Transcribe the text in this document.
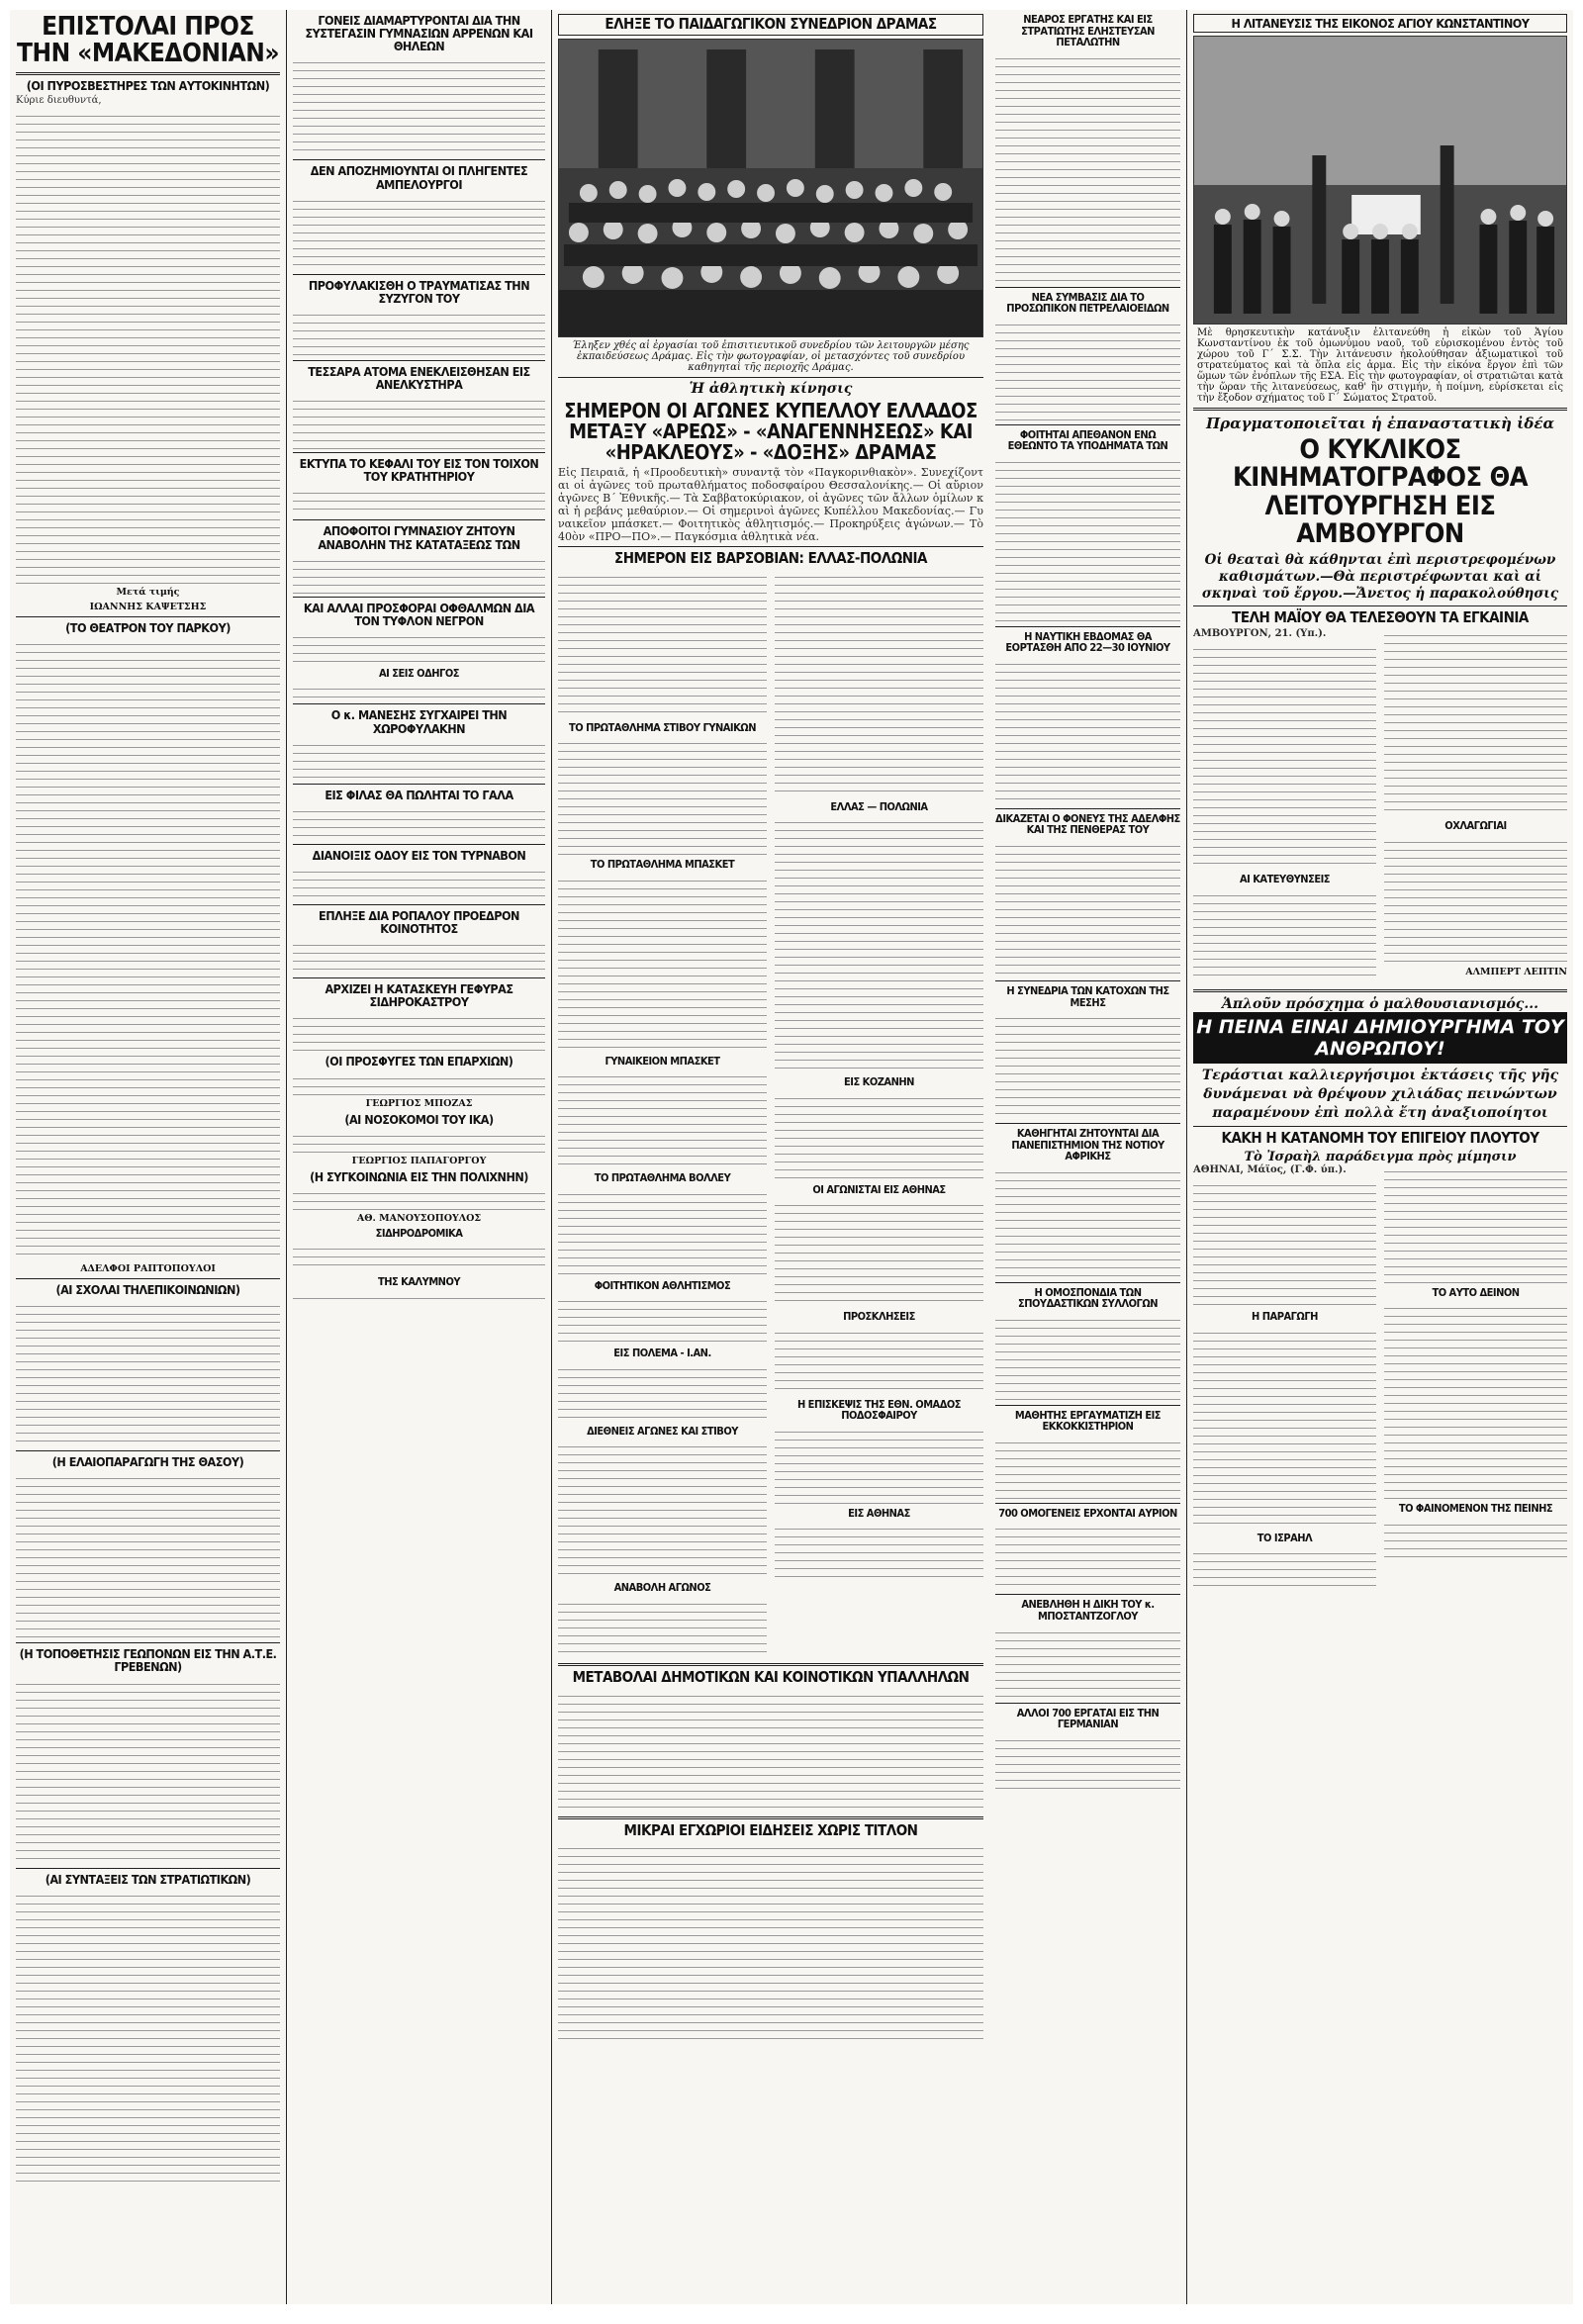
ΕΠΙΣΤΟΛΑΙ ΠΡΟΣ ΤΗΝ «ΜΑΚΕΔΟΝΙΑΝ»
(ΟΙ ΠΥΡΟΣΒΕΣΤΗΡΕΣ ΤΩΝ ΑΥΤΟΚΙΝΗΤΩΝ)
Κύριε διευθυντά,
Μετά τιμής
ΙΩΑΝΝΗΣ ΚΑΨΕΤΣΗΣ
(ΤΟ ΘΕΑΤΡΟΝ ΤΟΥ ΠΑΡΚΟΥ)
ΑΔΕΛΦΟΙ ΡΑΠΤΟΠΟΥΛΟΙ
(ΑΙ ΣΧΟΛΑΙ ΤΗΛΕΠΙΚΟΙΝΩΝΙΩΝ)
(Η ΕΛΑΙΟΠΑΡΑΓΩΓΗ ΤΗΣ ΘΑΣΟΥ)
(Η ΤΟΠΟΘΕΤΗΣΙΣ ΓΕΩΠΟΝΩΝ ΕΙΣ ΤΗΝ Α.Τ.Ε. ΓΡΕΒΕΝΩΝ)
(ΑΙ ΣΥΝΤΑΞΕΙΣ ΤΩΝ ΣΤΡΑΤΙΩΤΙΚΩΝ)
ΓΟΝΕΙΣ ΔΙΑΜΑΡΤΥΡΟΝΤΑΙ ΔΙΑ ΤΗΝ ΣΥΣΤΕΓΑΣΙΝ ΓΥΜΝΑΣΙΩΝ ΑΡΡΕΝΩΝ ΚΑΙ ΘΗΛΕΩΝ
ΔΕΝ ΑΠΟΖΗΜΙΟΥΝΤΑΙ ΟΙ ΠΛΗΓΕΝΤΕΣ ΑΜΠΕΛΟΥΡΓΟΙ
ΠΡΟΦΥΛΑΚΙΣΘΗ Ο ΤΡΑΥΜΑΤΙΣΑΣ ΤΗΝ ΣΥΖΥΓΟΝ ΤΟΥ
ΤΕΣΣΑΡΑ ΑΤΟΜΑ ΕΝΕΚΛΕΙΣΘΗΣΑΝ ΕΙΣ ΑΝΕΛΚΥΣΤΗΡΑ
ΕΚΤΥΠΑ ΤΟ ΚΕΦΑΛΙ ΤΟΥ ΕΙΣ ΤΟΝ ΤΟΙΧΟΝ ΤΟΥ ΚΡΑΤΗΤΗΡΙΟΥ
ΑΠΟΦΟΙΤΟΙ ΓΥΜΝΑΣΙΟΥ ΖΗΤΟΥΝ ΑΝΑΒΟΛΗΝ ΤΗΣ ΚΑΤΑΤΑΞΕΩΣ ΤΩΝ
ΚΑΙ ΑΛΛΑΙ ΠΡΟΣΦΟΡΑΙ ΟΦΘΑΛΜΩΝ ΔΙΑ ΤΟΝ ΤΥΦΛΟΝ ΝΕΓΡΟΝ
ΑΙ ΣΕΙΣ ΟΔΗΓΟΣ
Ο κ. ΜΑΝΕΣΗΣ ΣΥΓΧΑΙΡΕΙ ΤΗΝ ΧΩΡΟΦΥΛΑΚΗΝ
ΕΙΣ ΦΙΛΑΣ ΘΑ ΠΩΛΗΤΑΙ ΤΟ ΓΑΛΑ
ΔΙΑΝΟΙΞΙΣ ΟΔΟΥ ΕΙΣ ΤΟΝ ΤΥΡΝΑΒΟΝ
ΕΠΛΗΞΕ ΔΙΑ ΡΟΠΑΛΟΥ ΠΡΟΕΔΡΟΝ ΚΟΙΝΟΤΗΤΟΣ
ΑΡΧΙΖΕΙ Η ΚΑΤΑΣΚΕΥΗ ΓΕΦΥΡΑΣ ΣΙΔΗΡΟΚΑΣΤΡΟΥ
(ΟΙ ΠΡΟΣΦΥΓΕΣ ΤΩΝ ΕΠΑΡΧΙΩΝ)
ΓΕΩΡΓΙΟΣ ΜΠΟΖΑΣ
(ΑΙ ΝΟΣΟΚΟΜΟΙ ΤΟΥ ΙΚΑ)
ΓΕΩΡΓΙΟΣ ΠΑΠΑΓΟΡΓΟΥ
(Η ΣΥΓΚΟΙΝΩΝΙΑ ΕΙΣ ΤΗΝ ΠΟΛΙΧΝΗΝ)
ΑΘ. ΜΑΝΟΥΣΟΠΟΥΛΟΣ
ΣΙΔΗΡΟΔΡΟΜΙΚΑ
ΤΗΣ ΚΑΛΥΜΝΟΥ
ΕΛΗΞΕ ΤΟ ΠΑΙΔΑΓΩΓΙΚΟΝ ΣΥΝΕΔΡΙΟΝ ΔΡΑΜΑΣ
Έληξεν χθές αἱ ἐργασίαι τοῦ ἐπισιτιευτικοῦ συνεδρίου τῶν λειτουργῶν μέσης ἐκπαιδεύσεως Δράμας. Εἰς τὴν φωτογραφίαν, οἱ μετασχόντες τοῦ συνεδρίου καθηγηταὶ τῆς περιοχῆς Δράμας.
Ἡ ἀθλητικὴ κίνησις
ΣΗΜΕΡΟΝ ΟΙ ΑΓΩΝΕΣ ΚΥΠΕΛΛΟΥ ΕΛΛΑΔΟΣ ΜΕΤΑΞΥ «ΑΡΕΩΣ» - «ΑΝΑΓΕΝΝΗΣΕΩΣ» ΚΑΙ «ΗΡΑΚΛΕΟΥΣ» - «ΔΟΞΗΣ» ΔΡΑΜΑΣ
Εἰς Πειραιᾶ, ἡ «Προοδευτικὴ» συναντᾷ τὸν «Παγκορινθιακὸν». Συνεχίζονται οἱ ἀγῶνες τοῦ πρωταθλήματος ποδοσφαίρου Θεσσαλονίκης.— Οἱ αὔριον ἀγῶνες Β΄ Ἐθνικῆς.— Τὰ Σαββατοκύριακον, οἱ ἀγῶνες τῶν ἄλλων ὁμίλων καὶ ἡ ρεβάνς μεθαύριον.— Οἱ σημερινοὶ ἀγῶνες Κυπέλλου Μακεδονίας.— Γυναικεῖον μπάσκετ.— Φοιτητικὸς ἀθλητισμός.— Προκηρύξεις ἀγώνων.— Τὸ 40ὸν «ΠΡΟ—ΠΟ».— Παγκόσμια ἀθλητικὰ νέα.
ΣΗΜΕΡΟΝ ΕΙΣ ΒΑΡΣΟΒΙΑΝ: ΕΛΛΑΣ-ΠΟΛΩΝΙΑ
ΤΟ ΠΡΩΤΑΘΛΗΜΑ ΣΤΙΒΟΥ ΓΥΝΑΙΚΩΝ
ΤΟ ΠΡΩΤΑΘΛΗΜΑ ΜΠΑΣΚΕΤ
ΓΥΝΑΙΚΕΙΟΝ ΜΠΑΣΚΕΤ
ΤΟ ΠΡΩΤΑΘΛΗΜΑ ΒΟΛΛΕΥ
ΦΟΙΤΗΤΙΚΟΝ ΑΘΛΗΤΙΣΜΟΣ
ΕΙΣ ΠΟΛΕΜΑ - Ι.ΑΝ.
ΔΙΕΘΝΕΙΣ ΑΓΩΝΕΣ ΚΑΙ ΣΤΙΒΟΥ
ΑΝΑΒΟΛΗ ΑΓΩΝΟΣ
ΕΛΛΑΣ — ΠΟΛΩΝΙΑ
ΕΙΣ ΚΟΖΑΝΗΝ
ΟΙ ΑΓΩΝΙΣΤΑΙ ΕΙΣ ΑΘΗΝΑΣ
ΠΡΟΣΚΛΗΣΕΙΣ
Η ΕΠΙΣΚΕΨΙΣ ΤΗΣ ΕΘΝ. ΟΜΑΔΟΣ ΠΟΔΟΣΦΑΙΡΟΥ
ΕΙΣ ΑΘΗΝΑΣ
ΜΕΤΑΒΟΛΑΙ ΔΗΜΟΤΙΚΩΝ ΚΑΙ ΚΟΙΝΟΤΙΚΩΝ ΥΠΑΛΛΗΛΩΝ
ΜΙΚΡΑΙ ΕΓΧΩΡΙΟΙ ΕΙΔΗΣΕΙΣ ΧΩΡΙΣ ΤΙΤΛΟΝ
ΝΕΑΡΟΣ ΕΡΓΑΤΗΣ ΚΑΙ ΕΙΣ ΣΤΡΑΤΙΩΤΗΣ ΕΛΗΣΤΕΥΣΑΝ ΠΕΤΑΛΩΤΗΝ
ΝΕΑ ΣΥΜΒΑΣΙΣ ΔΙΑ ΤΟ ΠΡΟΣΩΠΙΚΟΝ ΠΕΤΡΕΛΑΙΟΕΙΔΩΝ
ΦΟΙΤΗΤΑΙ ΑΠΕΘΑΝΟΝ ΕΝΩ ΕΘΕΩΝΤΟ ΤΑ ΥΠΟΔΗΜΑΤΑ ΤΩΝ
Η ΝΑΥΤΙΚΗ ΕΒΔΟΜΑΣ ΘΑ ΕΟΡΤΑΣΘΗ ΑΠΟ 22—30 ΙΟΥΝΙΟΥ
ΔΙΚΑΖΕΤΑΙ Ο ΦΟΝΕΥΣ ΤΗΣ ΑΔΕΛΦΗΣ ΚΑΙ ΤΗΣ ΠΕΝΘΕΡΑΣ ΤΟΥ
Η ΣΥΝΕΔΡΙΑ ΤΩΝ ΚΑΤΟΧΩΝ ΤΗΣ ΜΕΣΗΣ
ΚΑΘΗΓΗΤΑΙ ΖΗΤΟΥΝΤΑΙ ΔΙΑ ΠΑΝΕΠΙΣΤΗΜΙΟΝ ΤΗΣ ΝΟΤΙΟΥ ΑΦΡΙΚΗΣ
Η ΟΜΟΣΠΟΝΔΙΑ ΤΩΝ ΣΠΟΥΔΑΣΤΙΚΩΝ ΣΥΛΛΟΓΩΝ
ΜΑΘΗΤΗΣ ΕΡΓΑΥΜΑΤΙΖΗ ΕΙΣ ΕΚΚΟΚΚΙΣΤΗΡΙΟΝ
700 ΟΜΟΓΕΝΕΙΣ ΕΡΧΟΝΤΑΙ ΑΥΡΙΟΝ
ΑΝΕΒΛΗΘΗ Η ΔΙΚΗ ΤΟΥ κ. ΜΠΟΣΤΑΝΤΖΟΓΛΟΥ
ΑΛΛΟΙ 700 ΕΡΓΑΤΑΙ ΕΙΣ ΤΗΝ ΓΕΡΜΑΝΙΑΝ
Η ΛΙΤΑΝΕΥΣΙΣ ΤΗΣ ΕΙΚΟΝΟΣ ΑΓΙΟΥ ΚΩΝΣΤΑΝΤΙΝΟΥ
Μὲ θρησκευτικὴν κατάνυξιν ἐλιτανεύθη ἡ εἰκὼν τοῦ Ἁγίου Κωνσταντίνου ἐκ τοῦ ὁμωνύμου ναοῦ, τοῦ εὑρισκομένου ἐντὸς τοῦ χώρου τοῦ Γ΄ Σ.Σ. Τὴν λιτάνευσιν ἠκολούθησαν ἀξιωματικοὶ τοῦ στρατεύματος καὶ τὰ ὅπλα εἰς ἀρμα. Εἰς τὴν εἰκόνα ἔργον ἐπὶ τῶν ὥμων τῶν ἐνόπλων τῆς ΕΣΑ. Εἰς τὴν φωτογραφίαν, οἱ στρατιῶται κατὰ τὴν ὥραν τῆς λιτανεύσεως, καθ' ἣν στιγμήν, ἡ ποίμνη, εὑρίσκεται εἰς τὴν ἔξοδον σχήματος τοῦ Γ΄ Σώματος Στρατοῦ.
Πραγματοποιεῖται ἡ ἐπαναστατικὴ ἰδέα
Ο ΚΥΚΛΙΚΟΣ ΚΙΝΗΜΑΤΟΓΡΑΦΟΣ ΘΑ ΛΕΙΤΟΥΡΓΗΣΗ ΕΙΣ ΑΜΒΟΥΡΓΟΝ
Οἱ θεαταὶ θὰ κάθηνται ἐπὶ περιστρεφομένων καθισμάτων.—Θὰ περιστρέφωνται καὶ αἱ σκηναὶ τοῦ ἔργου.—Ἄνετος ἡ παρακολούθησις
ΤΕΛΗ ΜΑΪΟΥ ΘΑ ΤΕΛΕΣΘΟΥΝ ΤΑ ΕΓΚΑΙΝΙΑ
ΑΜΒΟΥΡΓΟΝ, 21. (Υπ.).
ΑΙ ΚΑΤΕΥΘΥΝΣΕΙΣ
ΟΧΛΑΓΩΓΙΑΙ
ΑΛΜΠΕΡΤ ΛΕΠΤΙΝ
Ἁπλοῦν πρόσχημα ὁ μαλθουσιανισμός...
Η ΠΕΙΝΑ ΕΙΝΑΙ ΔΗΜΙΟΥΡΓΗΜΑ ΤΟΥ ΑΝΘΡΩΠΟΥ!
Τεράστιαι καλλιεργήσιμοι ἐκτάσεις τῆς γῆς δυνάμεναι νὰ θρέψουν χιλιάδας πεινώντων παραμένουν ἐπὶ πολλὰ ἔτη ἀναξιοποίητοι
ΚΑΚΗ Η ΚΑΤΑΝΟΜΗ ΤΟΥ ΕΠΙΓΕΙΟΥ ΠΛΟΥΤΟΥ
Τὸ Ἰσραὴλ παράδειγμα πρὸς μίμησιν
ΑΘΗΝΑΙ, Μάϊος, (Γ.Φ. ύπ.).
Η ΠΑΡΑΓΩΓΗ
ΤΟ ΙΣΡΑΗΛ
ΤΟ ΑΥΤΟ ΔΕΙΝΟΝ
ΤΟ ΦΑΙΝΟΜΕΝΟΝ ΤΗΣ ΠΕΙΝΗΣ
